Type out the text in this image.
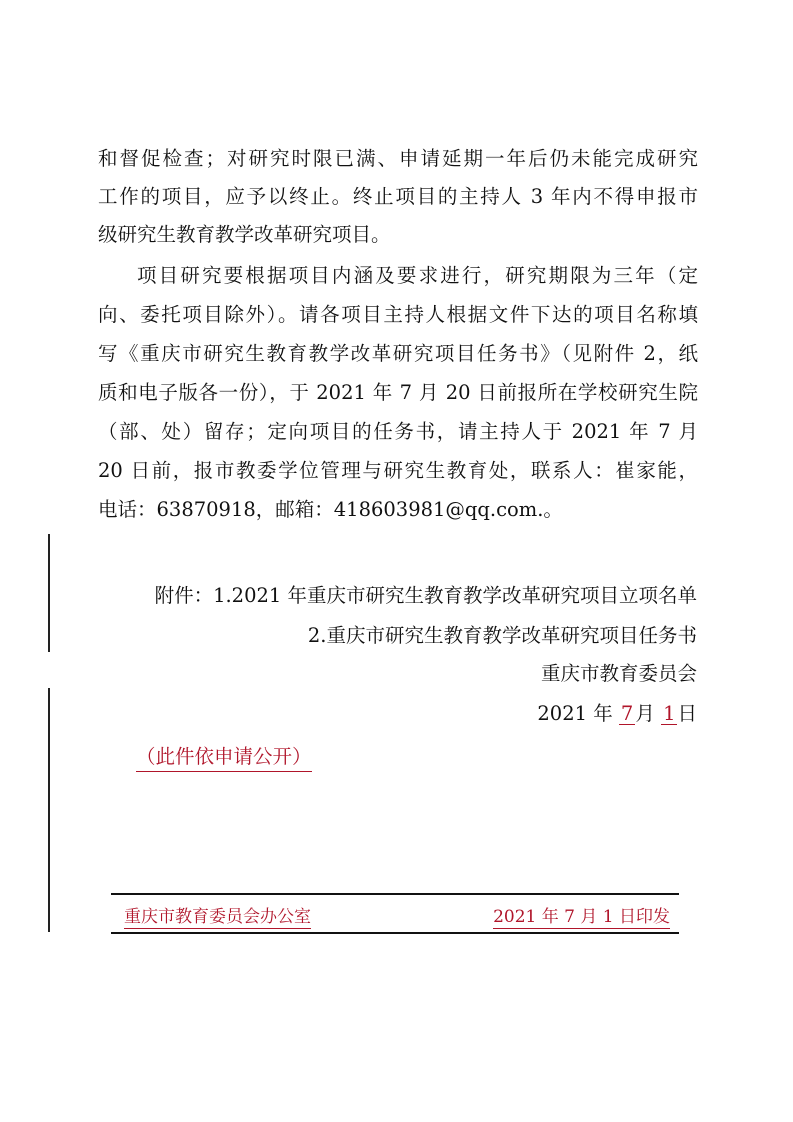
和督促检查；对研究时限已满、申请延期一年后仍未能完成研究
工作的项目，应予以终止。终止项目的主持人 3 年内不得申报市
级研究生教育教学改革研究项目。
项目研究要根据项目内涵及要求进行，研究期限为三年（定
向、委托项目除外）。请各项目主持人根据文件下达的项目名称填
写《重庆市研究生教育教学改革研究项目任务书》（见附件 2，纸
质和电子版各一份），于 2021 年 7 月 20 日前报所在学校研究生院
（部、处）留存；定向项目的任务书，请主持人于 2021 年 7 月
20 日前，报市教委学位管理与研究生教育处，联系人：崔家能，
电话：63870918，邮箱：418603981@qq.com.。
附件：1.2021 年重庆市研究生教育教学改革研究项目立项名单
2.重庆市研究生教育教学改革研究项目任务书
重庆市教育委员会
2021 年 7 月 1 日
（此件依申请公开）
重庆市教育委员会办公室	2021 年 7 月 1 日印发
